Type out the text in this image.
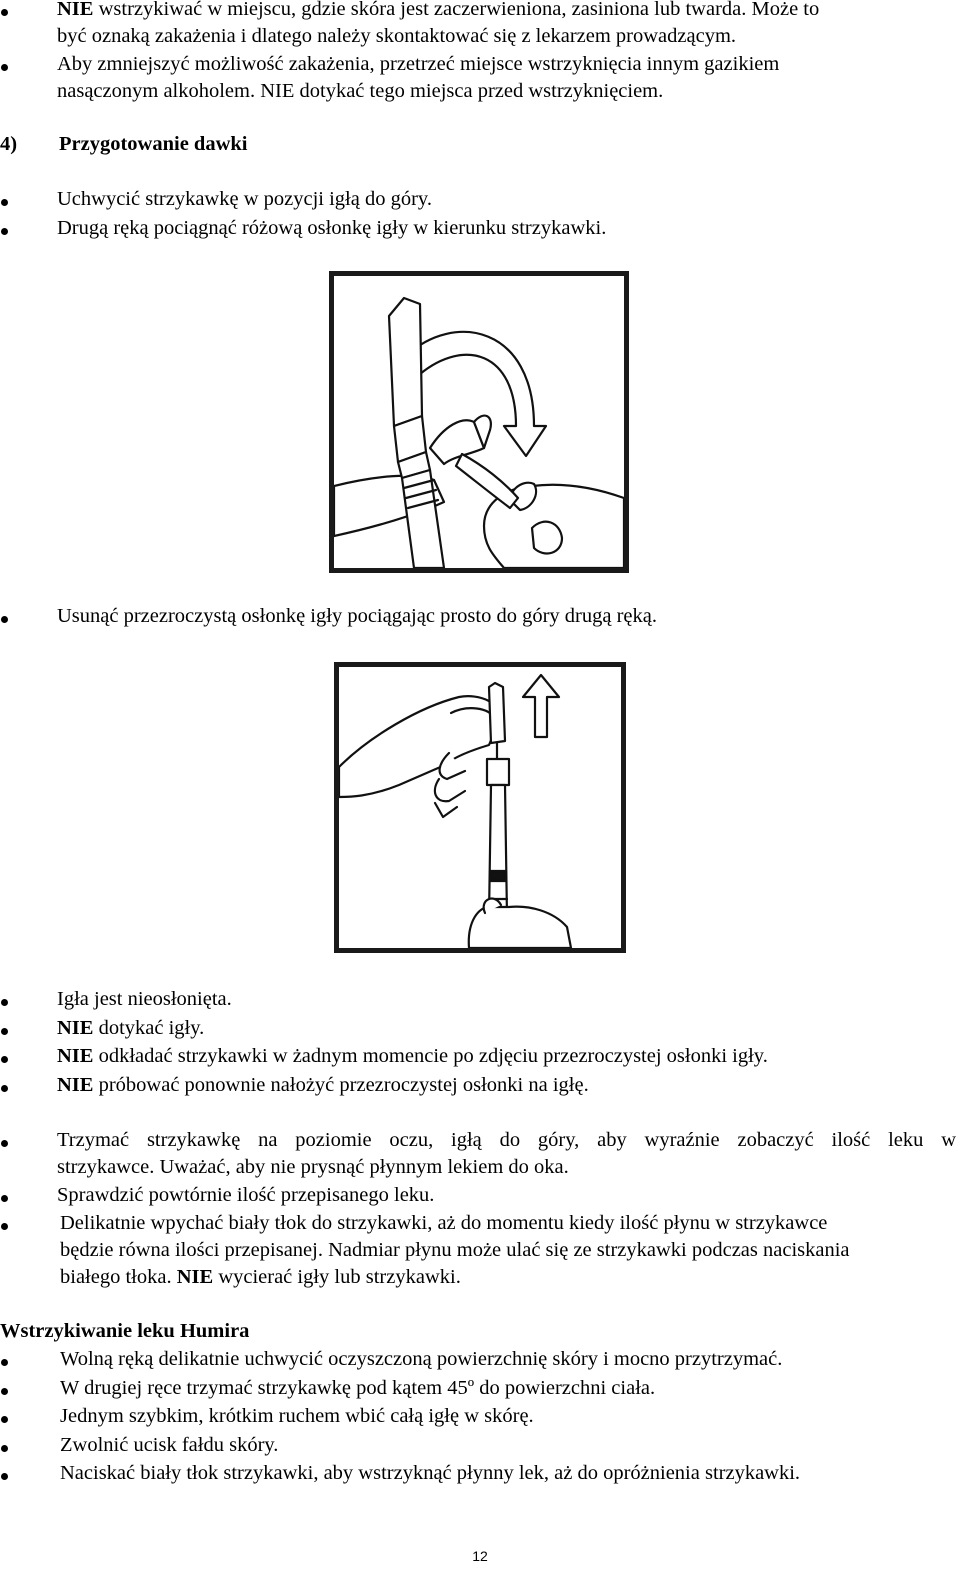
NIE wstrzykiwać w miejscu, gdzie skóra jest zaczerwieniona, zasiniona lub twarda. Może to
być oznaką zakażenia i dlatego należy skontaktować się z lekarzem prowadzącym.
Aby zmniejszyć możliwość zakażenia, przetrzeć miejsce wstrzyknięcia innym gazikiem
nasączonym alkoholem. NIE dotykać tego miejsca przed wstrzyknięciem.
4) Przygotowanie dawki
Uchwycić strzykawkę w pozycji igłą do góry.
Drugą ręką pociągnąć różową osłonkę igły w kierunku strzykawki.
Usunąć przezroczystą osłonkę igły pociągając prosto do góry drugą ręką.
Igła jest nieosłonięta.
NIE dotykać igły.
NIE odkładać strzykawki w żadnym momencie po zdjęciu przezroczystej osłonki igły.
NIE próbować ponownie nałożyć przezroczystej osłonki na igłę.
Trzymać strzykawkę na poziomie oczu, igłą do góry, aby wyraźnie zobaczyć ilość leku w
strzykawce. Uważać, aby nie prysnąć płynnym lekiem do oka.
Sprawdzić powtórnie ilość przepisanego leku.
Delikatnie wpychać biały tłok do strzykawki, aż do momentu kiedy ilość płynu w strzykawce
będzie równa ilości przepisanej. Nadmiar płynu może ulać się ze strzykawki podczas naciskania
białego tłoka. NIE wycierać igły lub strzykawki.
Wstrzykiwanie leku Humira
Wolną ręką delikatnie uchwycić oczyszczoną powierzchnię skóry i mocno przytrzymać.
W drugiej ręce trzymać strzykawkę pod kątem 45º do powierzchni ciała.
Jednym szybkim, krótkim ruchem wbić całą igłę w skórę.
Zwolnić ucisk fałdu skóry.
Naciskać biały tłok strzykawki, aby wstrzyknąć płynny lek, aż do opróżnienia strzykawki.
12
